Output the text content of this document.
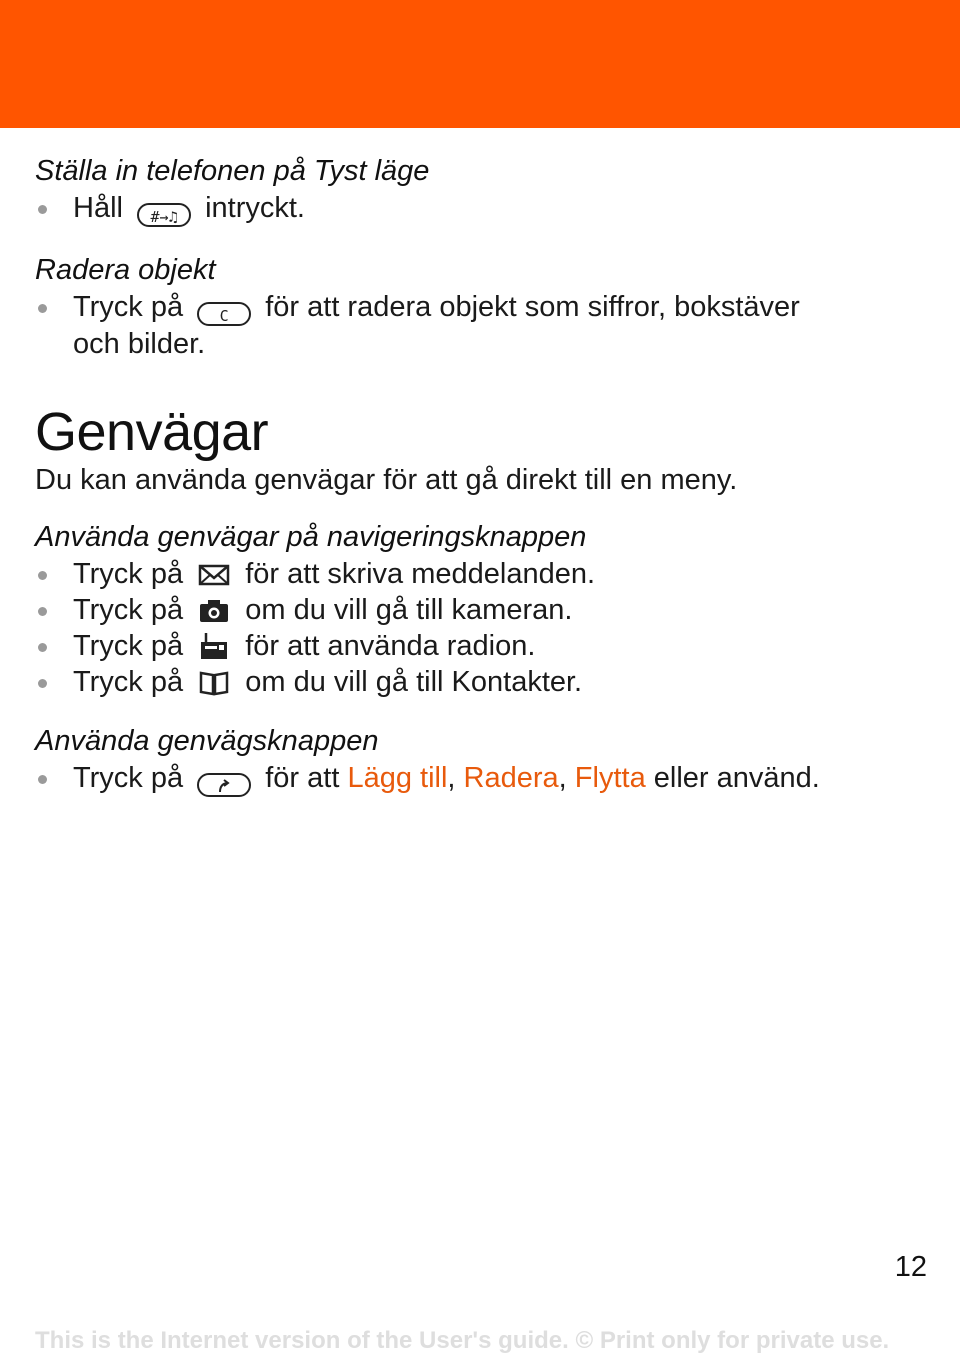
Ställa in telefonen på Tyst läge
Håll #→♫ intryckt.
Radera objekt
Tryck på C för att radera objekt som siffror, bokstäver
och bilder.
Genvägar
Du kan använda genvägar för att gå direkt till en meny.
Använda genvägar på navigeringsknappen
Tryck på för att skriva meddelanden.
Tryck på om du vill gå till kameran.
Tryck på för att använda radion.
Tryck på om du vill gå till Kontakter.
Använda genvägsknappen
Tryck på	för att Lägg till, Radera, Flytta eller använd.
12
This is the Internet version of the User's guide. © Print only for private use.
